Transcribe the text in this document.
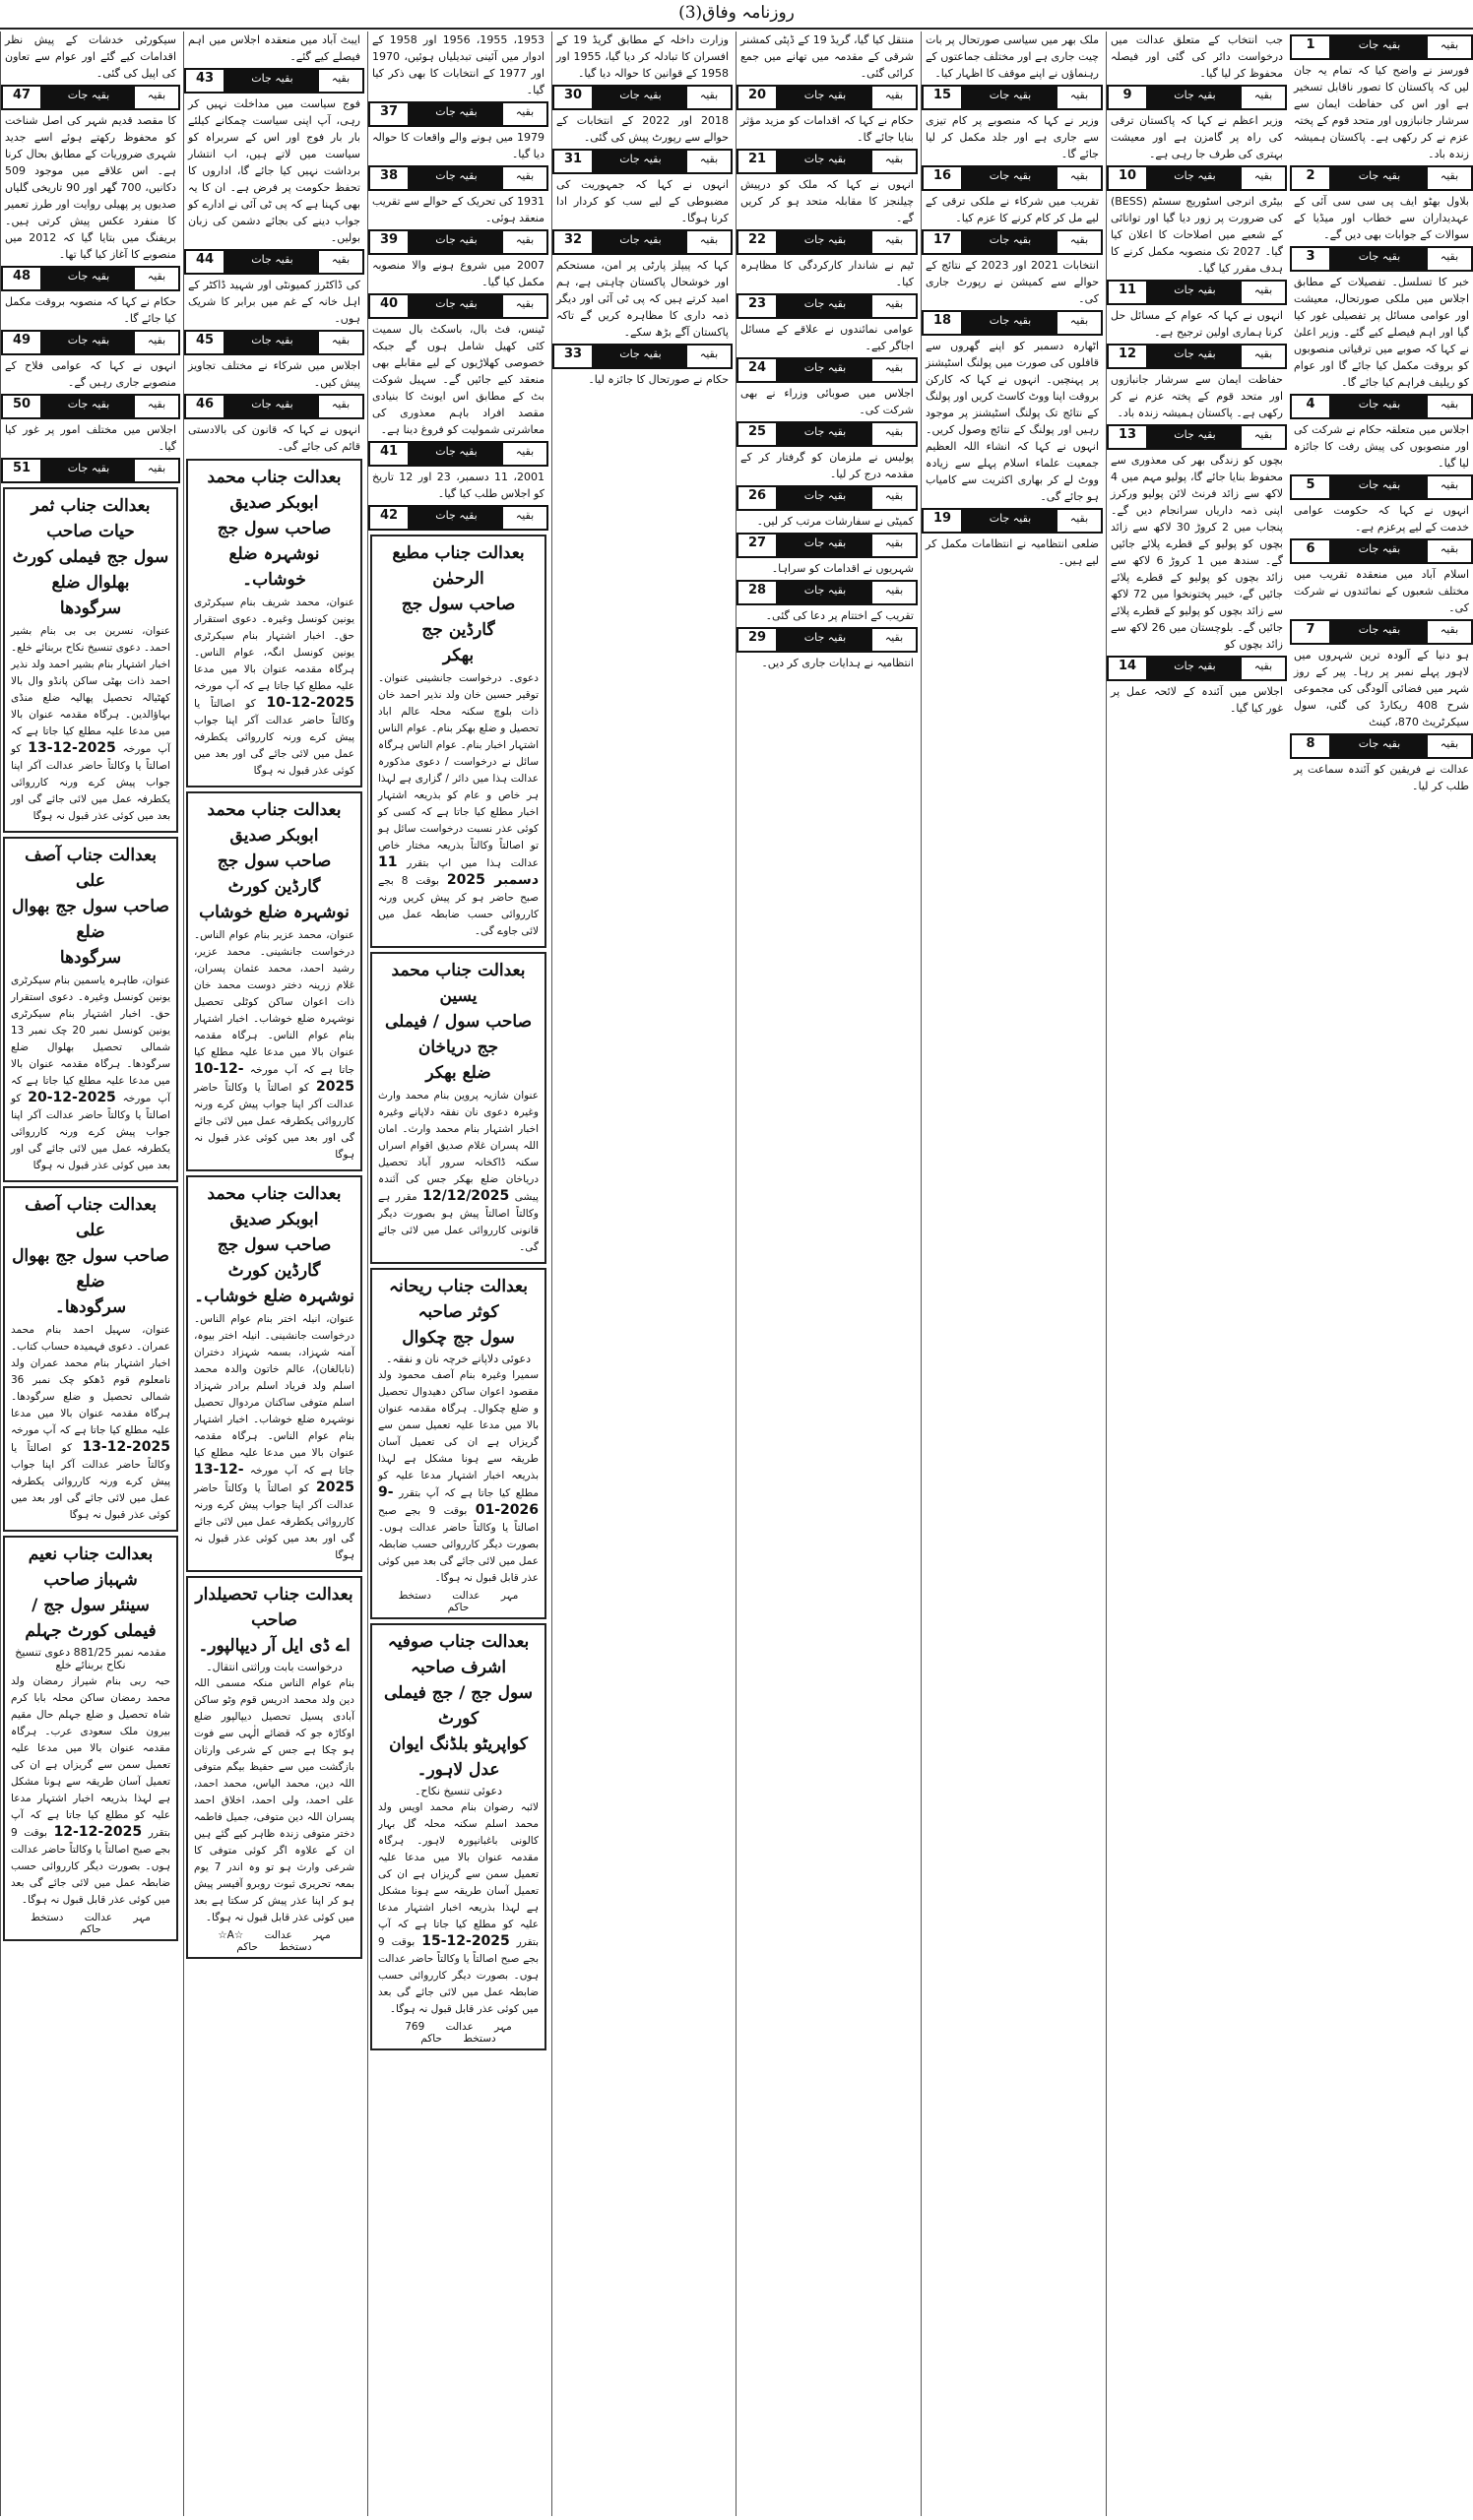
روزنامہ وفاق(3)
بقیہ
بقیہ جات
1

فورسز نے واضح کیا کہ تمام یہ جان لیں کہ پاکستان کا تصور ناقابل تسخیر ہے اور اس کی حفاظت ایمان سے سرشار جانبازوں اور متحد قوم کے پختہ عزم نے کر رکھی ہے۔ پاکستان ہمیشہ زندہ باد۔

بقیہ
بقیہ جات
2

بلاول بھٹو ایف پی سی سی آئی کے عہدیداران سے خطاب اور میڈیا کے سوالات کے جوابات بھی دیں گے۔

بقیہ
بقیہ جات
3

خبر کا تسلسل۔ تفصیلات کے مطابق اجلاس میں ملکی صورتحال، معیشت اور عوامی مسائل پر تفصیلی غور کیا گیا اور اہم فیصلے کیے گئے۔ وزیر اعلیٰ نے کہا کہ صوبے میں ترقیاتی منصوبوں کو بروقت مکمل کیا جائے گا اور عوام کو ریلیف فراہم کیا جائے گا۔

بقیہ
بقیہ جات
4

اجلاس میں متعلقہ حکام نے شرکت کی اور منصوبوں کی پیش رفت کا جائزہ لیا گیا۔

بقیہ
بقیہ جات
5

انہوں نے کہا کہ حکومت عوامی خدمت کے لیے پرعزم ہے۔

بقیہ
بقیہ جات
6

اسلام آباد میں منعقدہ تقریب میں مختلف شعبوں کے نمائندوں نے شرکت کی۔

بقیہ
بقیہ جات
7

ہو دنیا کے آلودہ ترین شہروں میں لاہور پہلے نمبر پر رہا۔ پیر کے روز شہر میں فضائی آلودگی کی مجموعی شرح 408 ریکارڈ کی گئی، سول سیکرٹریٹ 870، کینٹ

بقیہ
بقیہ جات
8

عدالت نے فریقین کو آئندہ سماعت پر طلب کر لیا۔

جب انتخاب کے متعلق عدالت میں درخواست دائر کی گئی اور فیصلہ محفوظ کر لیا گیا۔

بقیہ
بقیہ جات
9

وزیر اعظم نے کہا کہ پاکستان ترقی کی راہ پر گامزن ہے اور معیشت بہتری کی طرف جا رہی ہے۔

بقیہ
بقیہ جات
10

بیٹری انرجی اسٹوریج سسٹم (BESS) کی ضرورت پر زور دیا گیا اور توانائی کے شعبے میں اصلاحات کا اعلان کیا گیا۔ 2027 تک منصوبہ مکمل کرنے کا ہدف مقرر کیا گیا۔

بقیہ
بقیہ جات
11

انہوں نے کہا کہ عوام کے مسائل حل کرنا ہماری اولین ترجیح ہے۔

بقیہ
بقیہ جات
12

حفاظت ایمان سے سرشار جانبازوں اور متحد قوم کے پختہ عزم نے کر رکھی ہے۔ پاکستان ہمیشہ زندہ باد۔

بقیہ
بقیہ جات
13

بچوں کو زندگی بھر کی معذوری سے محفوظ بنایا جائے گا، پولیو مہم میں 4 لاکھ سے زائد فرنٹ لائن پولیو ورکرز اپنی ذمہ داریاں سرانجام دیں گے۔ پنجاب میں 2 کروڑ 30 لاکھ سے زائد بچوں کو پولیو کے قطرے پلائے جائیں گے۔ سندھ میں 1 کروڑ 6 لاکھ سے زائد بچوں کو پولیو کے قطرے پلائے جائیں گے، خیبر پختونخوا میں 72 لاکھ سے زائد بچوں کو پولیو کے قطرے پلائے جائیں گے۔ بلوچستان میں 26 لاکھ سے زائد بچوں کو

بقیہ
بقیہ جات
14

اجلاس میں آئندہ کے لائحہ عمل پر غور کیا گیا۔

ملک بھر میں سیاسی صورتحال پر بات چیت جاری ہے اور مختلف جماعتوں کے رہنماؤں نے اپنے موقف کا اظہار کیا۔

بقیہ
بقیہ جات
15

وزیر نے کہا کہ منصوبے پر کام تیزی سے جاری ہے اور جلد مکمل کر لیا جائے گا۔

بقیہ
بقیہ جات
16

تقریب میں شرکاء نے ملکی ترقی کے لیے مل کر کام کرنے کا عزم کیا۔

بقیہ
بقیہ جات
17

انتخابات 2021 اور 2023 کے نتائج کے حوالے سے کمیشن نے رپورٹ جاری کی۔

بقیہ
بقیہ جات
18

اٹھارہ دسمبر کو اپنے گھروں سے قافلوں کی صورت میں پولنگ اسٹیشنز پر پہنچیں۔ انہوں نے کہا کہ کارکن بروقت اپنا ووٹ کاسٹ کریں اور پولنگ کے نتائج تک پولنگ اسٹیشنز پر موجود رہیں اور پولنگ کے نتائج وصول کریں۔ انہوں نے کہا کہ انشاء اللہ العظیم جمعیت علماء اسلام پہلے سے زیادہ ووٹ لے کر بھاری اکثریت سے کامیاب ہو جائے گی۔

بقیہ
بقیہ جات
19

ضلعی انتظامیہ نے انتظامات مکمل کر لیے ہیں۔

منتقل کیا گیا، گریڈ 19 کے ڈپٹی کمشنر شرقی کے مقدمہ میں تھانے میں جمع کرائی گئی۔

بقیہ
بقیہ جات
20

حکام نے کہا کہ اقدامات کو مزید مؤثر بنایا جائے گا۔

بقیہ
بقیہ جات
21

انہوں نے کہا کہ ملک کو درپیش چیلنجز کا مقابلہ متحد ہو کر کریں گے۔

بقیہ
بقیہ جات
22

ٹیم نے شاندار کارکردگی کا مظاہرہ کیا۔

بقیہ
بقیہ جات
23

عوامی نمائندوں نے علاقے کے مسائل اجاگر کیے۔

بقیہ
بقیہ جات
24

اجلاس میں صوبائی وزراء نے بھی شرکت کی۔

بقیہ
بقیہ جات
25

پولیس نے ملزمان کو گرفتار کر کے مقدمہ درج کر لیا۔

بقیہ
بقیہ جات
26

کمیٹی نے سفارشات مرتب کر لیں۔

بقیہ
بقیہ جات
27

شہریوں نے اقدامات کو سراہا۔

بقیہ
بقیہ جات
28

تقریب کے اختتام پر دعا کی گئی۔

بقیہ
بقیہ جات
29

انتظامیہ نے ہدایات جاری کر دیں۔

وزارت داخلہ کے مطابق گریڈ 19 کے افسران کا تبادلہ کر دیا گیا، 1955 اور 1958 کے قوانین کا حوالہ دیا گیا۔

بقیہ
بقیہ جات
30

2018 اور 2022 کے انتخابات کے حوالے سے رپورٹ پیش کی گئی۔

بقیہ
بقیہ جات
31

انہوں نے کہا کہ جمہوریت کی مضبوطی کے لیے سب کو کردار ادا کرنا ہوگا۔

بقیہ
بقیہ جات
32

کہا کہ پیپلز پارٹی پر امن، مستحکم اور خوشحال پاکستان چاہتی ہے، ہم امید کرتے ہیں کہ پی ٹی آئی اور دیگر ذمہ داری کا مظاہرہ کریں گے تاکہ پاکستان آگے بڑھ سکے۔

بقیہ
بقیہ جات
33

حکام نے صورتحال کا جائزہ لیا۔

1953، 1955، 1956 اور 1958 کے ادوار میں آئینی تبدیلیاں ہوئیں، 1970 اور 1977 کے انتخابات کا بھی ذکر کیا گیا۔

بقیہ
بقیہ جات
37

1979 میں ہونے والے واقعات کا حوالہ دیا گیا۔

بقیہ
بقیہ جات
38

1931 کی تحریک کے حوالے سے تقریب منعقد ہوئی۔

بقیہ
بقیہ جات
39

2007 میں شروع ہونے والا منصوبہ مکمل کیا گیا۔

بقیہ
بقیہ جات
40

ٹینس، فٹ بال، باسکٹ بال سمیت کئی کھیل شامل ہوں گے جبکہ خصوصی کھلاڑیوں کے لیے مقابلے بھی منعقد کیے جائیں گے۔ سہیل شوکت بٹ کے مطابق اس ایونٹ کا بنیادی مقصد افراد باہم معذوری کی معاشرتی شمولیت کو فروغ دینا ہے۔

بقیہ
بقیہ جات
41

2001، 11 دسمبر، 23 اور 12 تاریخ کو اجلاس طلب کیا گیا۔

بقیہ
بقیہ جات
42
بعدالت جناب مطیع الرحمٰن
صاحب سول جج گارڈین جج
بھکر
دعوی۔ درخواست جانشینی عنوان۔ توقیر حسین خان ولد نذیر احمد خان ذات بلوچ سکنہ محلہ عالم اباد تحصیل و ضلع بھکر بنام۔ عوام الناس اشتہار اخبار بنام۔ عوام الناس ہرگاہ سائل نے درخواست / دعوی مذکورہ عدالت ہذا میں دائر / گزاری ہے لہذا ہر خاص و عام کو بذریعہ اشتہار اخبار مطلع کیا جاتا ہے کہ کسی کو کوئی عذر نسبت درخواست سائل ہو تو اصالتاً وکالتاً بذریعہ مختار خاص عدالت ہذا میں اپ بتقرر 11 دسمبر 2025 بوقت 8 بجے صبح حاضر ہو کر پیش کریں ورنہ کارروائی حسب ضابطہ عمل میں لائی جاوے گی۔
بعدالت جناب محمد یسین
صاحب سول / فیملی جج دریاخان
ضلع بھکر
عنوان شازیہ پروین بنام محمد وارث وغیرہ دعوی نان نفقہ دلاپانے وغیرہ اخبار اشتہار بنام محمد وارث۔ امان اللہ پسران غلام صدیق اقوام اسراں سکنہ ڈاکخانہ سرور آباد تحصیل دریاخان ضلع بھکر جس کی آئندہ پیشی 12/12/2025 مقرر ہے وکالتاً اصالتاً پیش ہو بصورت دیگر قانونی کارروائی عمل میں لائی جائے گی۔
بعدالت جناب ریحانہ کوثر صاحبہ
سول جج چکوال
دعوئی دلاپانے خرچہ نان و نفقہ۔
سمیرا وغیرہ بنام آصف محمود ولد مقصود اعوان ساکن دھیدوال تحصیل و ضلع چکوال۔ ہرگاہ مقدمہ عنوان بالا میں مدعا علیہ تعمیل سمن سے گریزاں ہے ان کی تعمیل آسان طریقہ سے ہونا مشکل ہے لہذا بذریعہ اخبار اشتہار مدعا علیہ کو مطلع کیا جاتا ہے کہ آپ بتقرر 9-01-2026 بوقت 9 بجے صبح اصالتاً یا وکالتاً حاضر عدالت ہوں۔ بصورت دیگر کارروائی حسب ضابطہ عمل میں لائی جائے گی بعد میں کوئی عذر قابل قبول نہ ہوگا۔
مہر عدالت دستخط حاکم
بعدالت جناب صوفیہ اشرف صاحبہ
سول جج / جج فیملی کورٹ
کواپریٹو بلڈنگ ایوان عدل لاہور۔
دعوئی تنسیخ نکاح۔
لائبہ رضوان بنام محمد اویس ولد محمد اسلم سکنہ محلہ گل بہار کالونی باغبانپورہ لاہور۔ ہرگاہ مقدمہ عنوان بالا میں مدعا علیہ تعمیل سمن سے گریزاں ہے ان کی تعمیل آسان طریقہ سے ہونا مشکل ہے لہذا بذریعہ اخبار اشتہار مدعا علیہ کو مطلع کیا جاتا ہے کہ آپ بتقرر 15-12-2025 بوقت 9 بجے صبح اصالتاً یا وکالتاً حاضر عدالت ہوں۔ بصورت دیگر کارروائی حسب ضابطہ عمل میں لائی جائے گی بعد میں کوئی عذر قابل قبول نہ ہوگا۔
مہر عدالت 769 دستخط حاکم

ایبٹ آباد میں منعقدہ اجلاس میں اہم فیصلے کیے گئے۔

بقیہ
بقیہ جات
43

فوج سیاست میں مداخلت نہیں کر رہی، آپ اپنی سیاست چمکانے کیلئے بار بار فوج اور اس کے سربراہ کو سیاست میں لاتے ہیں، اب انتشار برداشت نہیں کیا جائے گا، اداروں کا تحفظ حکومت پر فرض ہے۔ ان کا یہ بھی کہنا ہے کہ پی ٹی آئی نے ادارے کو جواب دینے کی بجائے دشمن کی زبان بولیں۔

بقیہ
بقیہ جات
44

کی ڈاکٹرز کمیونٹی اور شہید ڈاکٹر کے اہل خانہ کے غم میں برابر کا شریک ہوں۔

بقیہ
بقیہ جات
45

اجلاس میں شرکاء نے مختلف تجاویز پیش کیں۔

بقیہ
بقیہ جات
46

انہوں نے کہا کہ قانون کی بالادستی قائم کی جائے گی۔

بعدالت جناب محمد ابوبکر صدیق
صاحب سول جج نوشہرہ ضلع
خوشاب۔
عنوان، محمد شریف بنام سیکرٹری یونین کونسل وغیرہ۔ دعوی استقرار حق۔ اخبار اشتہار بنام سیکرٹری یونین کونسل انگہ، عوام الناس۔ ہرگاہ مقدمہ عنوان بالا میں مدعا علیہ مطلع کیا جاتا ہے کہ آپ مورخہ 10-12-2025 کو اصالتاً یا وکالتاً حاضر عدالت آکر اپنا جواب پیش کرے ورنہ کارروائی یکطرفہ عمل میں لائی جائے گی اور بعد میں کوئی عذر قبول نہ ہوگا
بعدالت جناب محمد ابوبکر صدیق
صاحب سول جج گارڈین کورٹ
نوشہرہ ضلع خوشاب
عنوان، محمد عزیر بنام عوام الناس۔ درخواست جانشینی۔ محمد عزیر، رشید احمد، محمد عثمان پسران، غلام زرینہ دختر دوست محمد خان ذات اعوان ساکن کوٹلی تحصیل نوشہرہ ضلع خوشاب۔ اخبار اشتہار بنام عوام الناس۔ ہرگاہ مقدمہ عنوان بالا میں مدعا علیہ مطلع کیا جاتا ہے کہ آپ مورخہ 10-12-2025 کو اصالتاً یا وکالتاً حاضر عدالت آکر اپنا جواب پیش کرے ورنہ کارروائی یکطرفہ عمل میں لائی جائے گی اور بعد میں کوئی عذر قبول نہ ہوگا
بعدالت جناب محمد ابوبکر صدیق
صاحب سول جج گارڈین کورٹ
نوشہرہ ضلع خوشاب۔
عنوان، انیلہ اختر بنام عوام الناس۔ درخواست جانشینی۔ انیلہ اختر بیوہ، آمنہ شہزاد، بسمہ شہزاد دختران (نابالغان)، عالم خاتون والدہ محمد اسلم ولد فریاد اسلم برادر شہزاد اسلم متوفی ساکنان مردوال تحصیل نوشہرہ ضلع خوشاب۔ اخبار اشتہار بنام عوام الناس۔ ہرگاہ مقدمہ عنوان بالا میں مدعا علیہ مطلع کیا جاتا ہے کہ آپ مورخہ 13-12-2025 کو اصالتاً یا وکالتاً حاضر عدالت آکر اپنا جواب پیش کرے ورنہ کارروائی یکطرفہ عمل میں لائی جائے گی اور بعد میں کوئی عذر قبول نہ ہوگا
بعدالت جناب تحصیلدار صاحب
اے ڈی ایل آر دیپالپور۔
درخواست بابت وراثتی انتقال۔
بنام عوام الناس منکہ مسمی اللہ دین ولد محمد ادریس قوم وٹو ساکن آبادی پسیل تحصیل دیپالپور ضلع اوکاڑہ جو کہ قضائے الٰہی سے فوت ہو چکا ہے جس کے شرعی وارثان بازگشت میں سے حفیظ بیگم متوفی اللہ دین، محمد الیاس، محمد احمد، علی احمد، ولی احمد، اخلاق احمد پسران اللہ دین متوفی، جمیل فاطمہ دختر متوفی زندہ ظاہر کیے گئے ہیں ان کے علاوہ اگر کوئی متوفی کا شرعی وارث ہو تو وہ اندر 7 یوم بمعہ تحریری ثبوت روبرو آفیسر پیش ہو کر اپنا عذر پیش کر سکتا ہے بعد میں کوئی عذر قابل قبول نہ ہوگا۔
مہر عدالت ☆A☆ دستخط حاکم

سیکورٹی خدشات کے پیش نظر اقدامات کیے گئے اور عوام سے تعاون کی اپیل کی گئی۔

بقیہ
بقیہ جات
47

کا مقصد قدیم شہر کی اصل شناخت کو محفوظ رکھتے ہوئے اسے جدید شہری ضروریات کے مطابق بحال کرنا ہے۔ اس علاقے میں موجود 509 دکانیں، 700 گھر اور 90 تاریخی گلیاں صدیوں پر پھیلی روایت اور طرز تعمیر کا منفرد عکس پیش کرتی ہیں۔ بریفنگ میں بتایا گیا کہ 2012 میں منصوبے کا آغاز کیا گیا تھا۔

بقیہ
بقیہ جات
48

حکام نے کہا کہ منصوبہ بروقت مکمل کیا جائے گا۔

بقیہ
بقیہ جات
49

انہوں نے کہا کہ عوامی فلاح کے منصوبے جاری رہیں گے۔

بقیہ
بقیہ جات
50

اجلاس میں مختلف امور پر غور کیا گیا۔

بقیہ
بقیہ جات
51
بعدالت جناب ثمر حیات صاحب
سول جج فیملی کورٹ بھلوال ضلع
سرگودھا
عنوان، نسرین بی بی بنام بشیر احمد۔ دعوی تنسیخ نکاح بربنائے خلع۔ اخبار اشتہار بنام بشیر احمد ولد نذیر احمد ذات بھٹی ساکن پانڈو وال بالا کھٹیالہ تحصیل پھالیہ ضلع منڈی بہاؤالدین۔ ہرگاہ مقدمہ عنوان بالا میں مدعا علیہ مطلع کیا جاتا ہے کہ آپ مورخہ 13-12-2025 کو اصالتاً یا وکالتاً حاضر عدالت آکر اپنا جواب پیش کرے ورنہ کارروائی یکطرفہ عمل میں لائی جائے گی اور بعد میں کوئی عذر قبول نہ ہوگا
بعدالت جناب آصف علی
صاحب سول جج بھوال ضلع
سرگودھا
عنوان، طاہرہ یاسمین بنام سیکرٹری یونین کونسل وغیرہ۔ دعوی استقرار حق۔ اخبار اشتہار بنام سیکرٹری یونین کونسل نمبر 20 چک نمبر 13 شمالی تحصیل بھلوال ضلع سرگودھا۔ ہرگاہ مقدمہ عنوان بالا میں مدعا علیہ مطلع کیا جاتا ہے کہ آپ مورخہ 20-12-2025 کو اصالتاً یا وکالتاً حاضر عدالت آکر اپنا جواب پیش کرے ورنہ کارروائی یکطرفہ عمل میں لائی جائے گی اور بعد میں کوئی عذر قبول نہ ہوگا
بعدالت جناب آصف علی
صاحب سول جج بھوال ضلع
سرگودھا۔
عنوان، سہیل احمد بنام محمد عمران۔ دعوی فہمیدہ حساب کتاب۔ اخبار اشتہار بنام محمد عمران ولد نامعلوم قوم ڈھکو چک نمبر 36 شمالی تحصیل و ضلع سرگودھا۔ ہرگاہ مقدمہ عنوان بالا میں مدعا علیہ مطلع کیا جاتا ہے کہ آپ مورخہ 13-12-2025 کو اصالتاً یا وکالتاً حاضر عدالت آکر اپنا جواب پیش کرے ورنہ کارروائی یکطرفہ عمل میں لائی جائے گی اور بعد میں کوئی عذر قبول نہ ہوگا
بعدالت جناب نعیم شہباز صاحب
سینئر سول جج / فیملی کورٹ جہلم
مقدمہ نمبر 881/25 دعوی تنسیخ نکاح بربنائے خلع
حبہ ربی بنام شیراز رمضان ولد محمد رمضان ساکن محلہ بابا کرم شاہ تحصیل و ضلع جہلم حال مقیم بیرون ملک سعودی عرب۔ ہرگاہ مقدمہ عنوان بالا میں مدعا علیہ تعمیل سمن سے گریزاں ہے ان کی تعمیل آسان طریقہ سے ہونا مشکل ہے لہذا بذریعہ اخبار اشتہار مدعا علیہ کو مطلع کیا جاتا ہے کہ آپ بتقرر 12-12-2025 بوقت 9 بجے صبح اصالتاً یا وکالتاً حاضر عدالت ہوں۔ بصورت دیگر کارروائی حسب ضابطہ عمل میں لائی جائے گی بعد میں کوئی عذر قابل قبول نہ ہوگا۔
مہر عدالت دستخط حاکم
